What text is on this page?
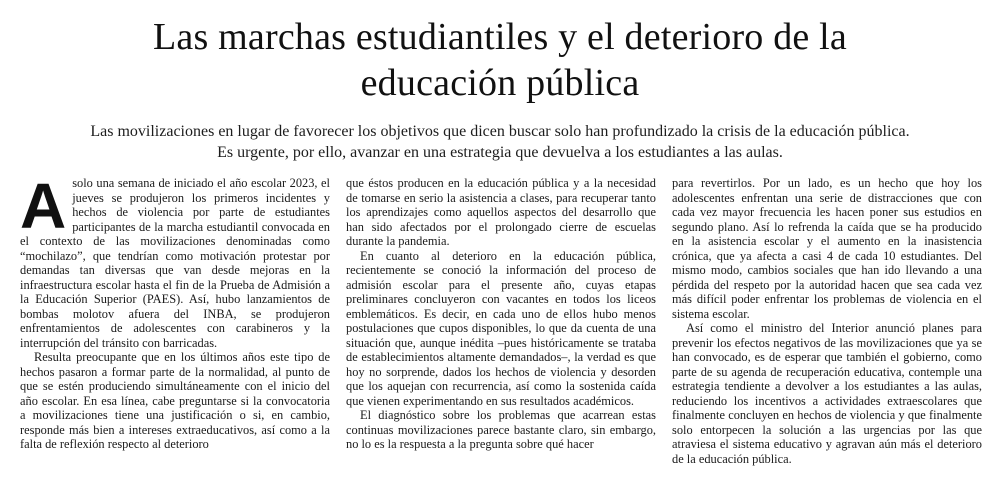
Las marchas estudiantiles y el deterioro de la
educación pública

Las movilizaciones en lugar de favorecer los objetivos que dicen buscar solo han profundizado la crisis de la educación pública.
Es urgente, por ello, avanzar en una estrategia que devuelva a los estudiantes a las aulas.

Asolo una semana de iniciado el año escolar 2023, el jueves se produjeron los primeros incidentes y hechos de violencia por parte de estudiantes participantes de la marcha estudiantil convocada en el contexto de las movilizaciones denominadas como “mochilazo”, que tendrían como motivación protestar por demandas tan diversas que van desde mejoras en la infraestructura escolar hasta el fin de la Prueba de Admisión a la Educación Superior (PAES). Así, hubo lanzamientos de bombas molotov afuera del INBA, se produjeron enfrentamientos de adolescentes con carabineros y la interrupción del tránsito con barricadas.

Resulta preocupante que en los últimos años este tipo de hechos pasaron a formar parte de la normalidad, al punto de que se estén produciendo simultáneamente con el inicio del año escolar. En esa línea, cabe preguntarse si la convocatoria a movilizaciones tiene una justificación o si, en cambio, responde más bien a intereses extraeducativos, así como a la falta de reflexión respecto al deterioro

que éstos producen en la educación pública y a la necesidad de tomarse en serio la asistencia a clases, para recuperar tanto los aprendizajes como aquellos aspectos del desarrollo que han sido afectados por el prolongado cierre de escuelas durante la pandemia.

En cuanto al deterioro en la educación pública, recientemente se conoció la información del proceso de admisión escolar para el presente año, cuyas etapas preliminares concluyeron con vacantes en todos los liceos emblemáticos. Es decir, en cada uno de ellos hubo menos postulaciones que cupos disponibles, lo que da cuenta de una situación que, aunque inédita –pues históricamente se trataba de establecimientos altamente demandados–, la verdad es que hoy no sorprende, dados los hechos de violencia y desorden que los aquejan con recurrencia, así como la sostenida caída que vienen experimentando en sus resultados académicos.

El diagnóstico sobre los problemas que acarrean estas continuas movilizaciones parece bastante claro, sin embargo, no lo es la respuesta a la pregunta sobre qué hacer

para revertirlos. Por un lado, es un hecho que hoy los adolescentes enfrentan una serie de distracciones que con cada vez mayor frecuencia les hacen poner sus estudios en segundo plano. Así lo refrenda la caída que se ha producido en la asistencia escolar y el aumento en la inasistencia crónica, que ya afecta a casi 4 de cada 10 estudiantes. Del mismo modo, cambios sociales que han ido llevando a una pérdida del respeto por la autoridad hacen que sea cada vez más difícil poder enfrentar los problemas de violencia en el sistema escolar.

Así como el ministro del Interior anunció planes para prevenir los efectos negativos de las movilizaciones que ya se han convocado, es de esperar que también el gobierno, como parte de su agenda de recuperación educativa, contemple una estrategia tendiente a devolver a los estudiantes a las aulas, reduciendo los incentivos a actividades extraescolares que finalmente concluyen en hechos de violencia y que finalmente solo entorpecen la solución a las urgencias por las que atraviesa el sistema educativo y agravan aún más el deterioro de la educación pública.
